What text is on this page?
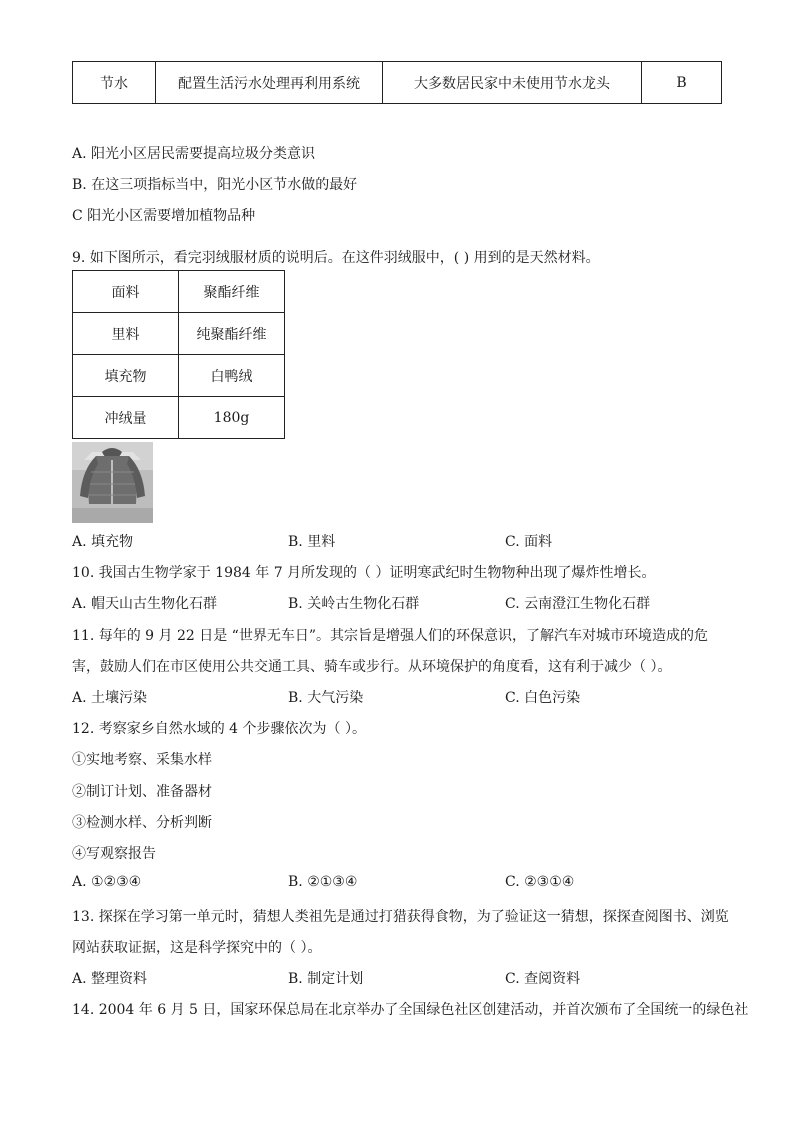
节水	配置生活污水处理再利用系统	大多数居民家中未使用节水龙头	B
A. 阳光小区居民需要提高垃圾分类意识
B. 在这三项指标当中，阳光小区节水做的最好
C 阳光小区需要增加植物品种
9. 如下图所示，看完羽绒服材质的说明后。在这件羽绒服中，( ) 用到的是天然材料。
面料	聚酯纤维
里料	纯聚酯纤维
填充物	白鸭绒
冲绒量	180g
A. 填充物	B. 里料	C. 面料
10. 我国古生物学家于 1984 年 7 月所发现的（ ）证明寒武纪时生物物种出现了爆炸性增长。
A. 帽天山古生物化石群	B. 关岭古生物化石群	C. 云南澄江生物化石群
11. 每年的 9 月 22 日是 “世界无车日”。其宗旨是增强人们的环保意识，了解汽车对城市环境造成的危
害，鼓励人们在市区使用公共交通工具、骑车或步行。从环境保护的角度看，这有利于减少（ ）。
A. 土壤污染	B. 大气污染	C. 白色污染
12. 考察家乡自然水域的 4 个步骤依次为（ ）。
①实地考察、采集水样
②制订计划、准备器材
③检测水样、分析判断
④写观察报告
A. ①②③④	B. ②①③④	C. ②③①④
13. 探探在学习第一单元时，猜想人类祖先是通过打猎获得食物，为了验证这一猜想，探探查阅图书、浏览
网站获取证据，这是科学探究中的（ ）。
A. 整理资料	B. 制定计划	C. 查阅资料
14. 2004 年 6 月 5 日，国家环保总局在北京举办了全国绿色社区创建活动，并首次颁布了全国统一的绿色社
